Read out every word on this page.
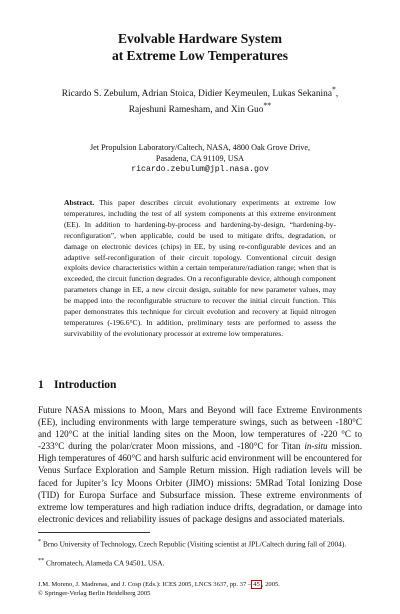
Evolvable Hardware System
at Extreme Low Temperatures
Ricardo S. Zebulum, Adrian Stoica, Didier Keymeulen, Lukas Sekanina*,
Rajeshuni Ramesham, and Xin Guo**
Jet Propulsion Laboratory/Caltech, NASA, 4800 Oak Grove Drive,
Pasadena, CA 91109, USA
ricardo.zebulum@jpl.nasa.gov
Abstract. This paper describes circuit evolutionary experiments at extreme low temperatures, including the test of all system components at this extreme environment (EE). In addition to hardening-by-process and hardening-by-design, “hardening-by-reconfiguration”, when applicable, could be used to mitigate drifts, degradation, or damage on electronic devices (chips) in EE, by using re-configurable devices and an adaptive self-reconfiguration of their circuit topology. Conventional circuit design exploits device characteristics within a certain temperature/radiation range; when that is exceeded, the circuit function degrades. On a reconfigurable device, although component parameters change in EE, a new circuit design, suitable for new parameter values, may be mapped into the reconfigurable structure to recover the initial circuit function. This paper demonstrates this technique for circuit evolution and recovery at liquid nitrogen temperatures (-196.6°C). In addition, preliminary tests are performed to assess the survivability of the evolutionary processor at extreme low temperatures.
1 Introduction
Future NASA missions to Moon, Mars and Beyond will face Extreme Environments (EE), including environments with large temperature swings, such as between -180°C and 120°C at the initial landing sites on the Moon, low temperatures of -220 °C to -233°C during the polar/crater Moon missions, and -180°C for Titan in-situ mission. High temperatures of 460°C and harsh sulfuric acid environment will be encountered for Venus Surface Exploration and Sample Return mission. High radiation levels will be faced for Jupiter’s Icy Moons Orbiter (JIMO) missions: 5MRad Total Ionizing Dose (TID) for Europa Surface and Subsurface mission. These extreme environments of extreme low temperatures and high radiation induce drifts, degradation, or damage into electronic devices and reliability issues of package designs and associated materials.
* Brno University of Technology, Czech Republic (Visiting scientist at JPL/Caltech during fall of 2004).
** Chromatech, Alameda CA 94501, USA.
J.M. Moreno, J. Madrenas, and J. Cosp (Eds.): ICES 2005, LNCS 3637, pp. 37 – 45 , 2005.
© Springer-Verlag Berlin Heidelberg 2005
